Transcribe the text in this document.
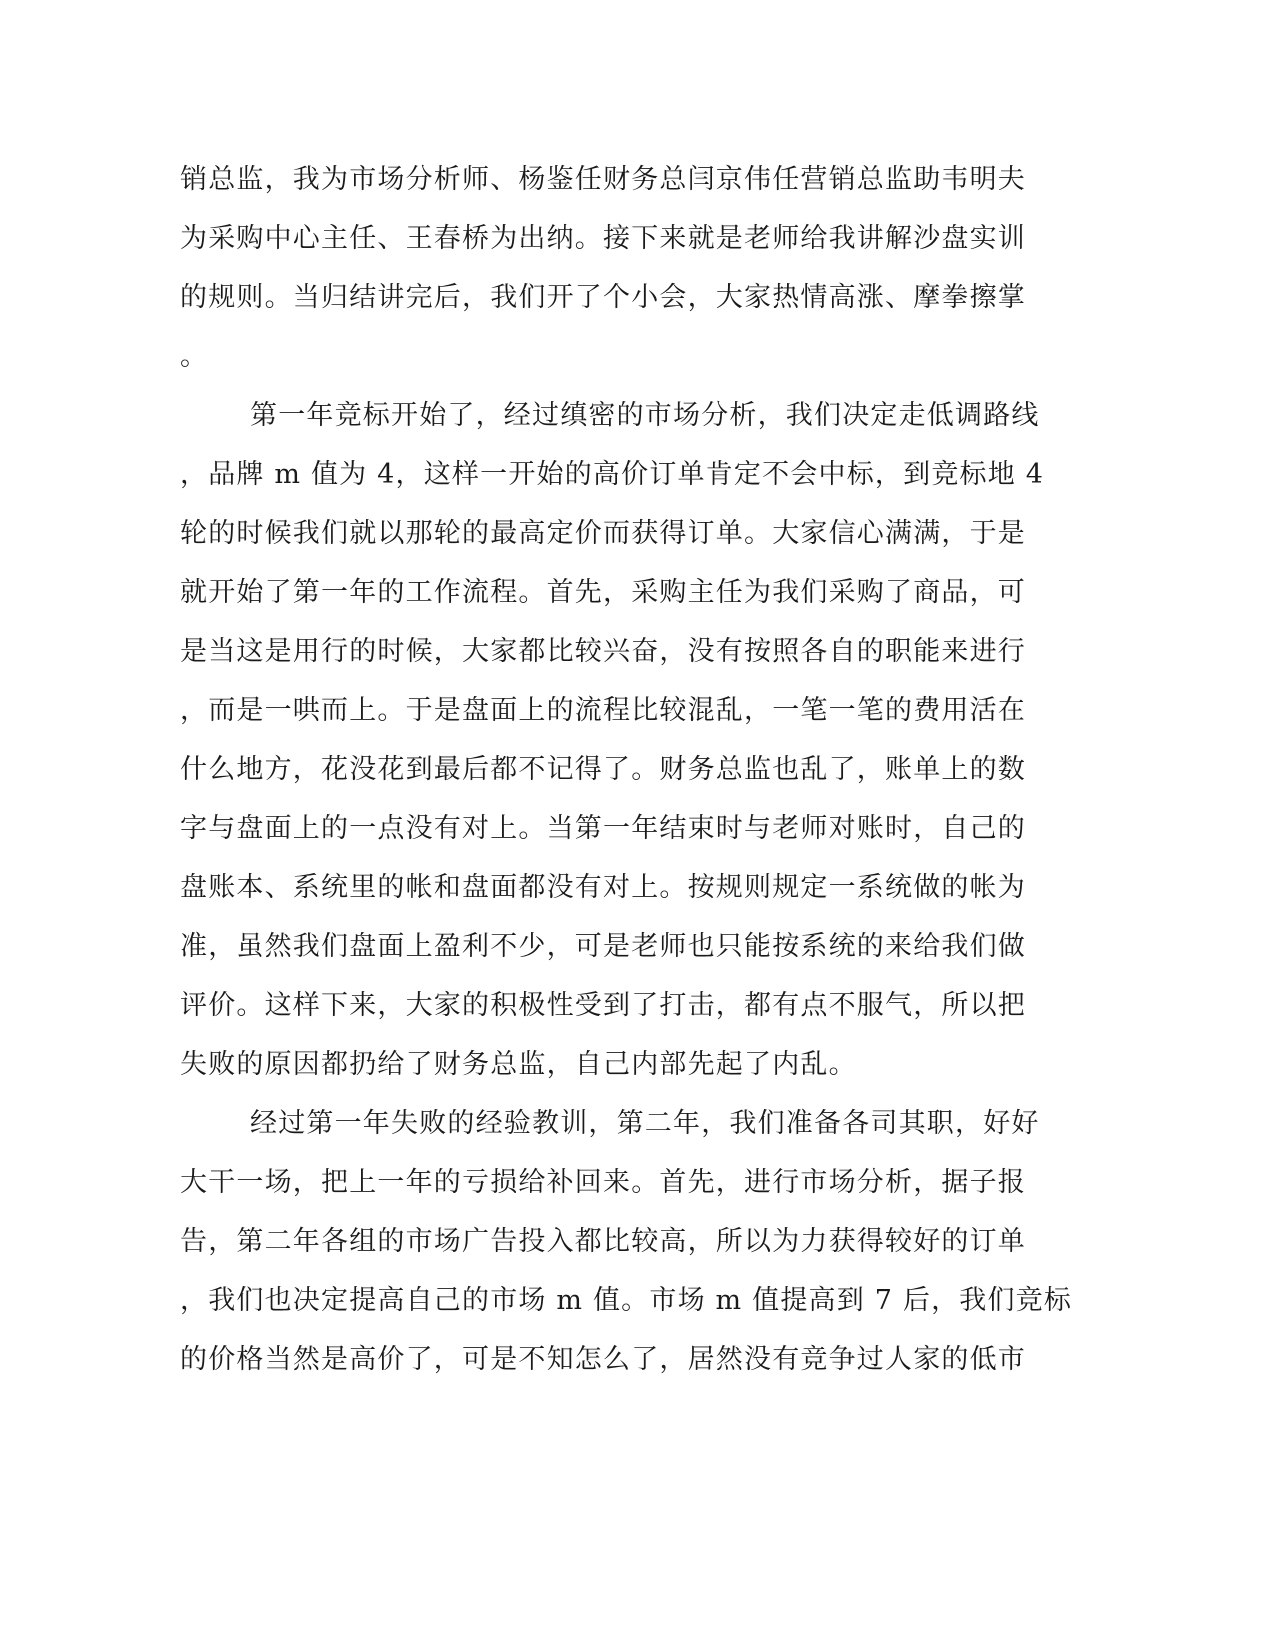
销总监，我为市场分析师、杨鉴任财务总闫京伟任营销总监助韦明夫
为采购中心主任、王春桥为出纳。接下来就是老师给我讲解沙盘实训
的规则。当归结讲完后，我们开了个小会，大家热情高涨、摩拳擦掌
。
第一年竞标开始了，经过缜密的市场分析，我们决定走低调路线
，品牌 m 值为 4，这样一开始的高价订单肯定不会中标，到竞标地 4
轮的时候我们就以那轮的最高定价而获得订单。大家信心满满，于是
就开始了第一年的工作流程。首先，采购主任为我们采购了商品，可
是当这是用行的时候，大家都比较兴奋，没有按照各自的职能来进行
，而是一哄而上。于是盘面上的流程比较混乱，一笔一笔的费用活在
什么地方，花没花到最后都不记得了。财务总监也乱了，账单上的数
字与盘面上的一点没有对上。当第一年结束时与老师对账时，自己的
盘账本、系统里的帐和盘面都没有对上。按规则规定一系统做的帐为
准，虽然我们盘面上盈利不少，可是老师也只能按系统的来给我们做
评价。这样下来，大家的积极性受到了打击，都有点不服气，所以把
失败的原因都扔给了财务总监，自己内部先起了内乱。
经过第一年失败的经验教训，第二年，我们准备各司其职，好好
大干一场，把上一年的亏损给补回来。首先，进行市场分析，据子报
告，第二年各组的市场广告投入都比较高，所以为力获得较好的订单
，我们也决定提高自己的市场 m 值。市场 m 值提高到 7 后，我们竞标
的价格当然是高价了，可是不知怎么了，居然没有竞争过人家的低市
